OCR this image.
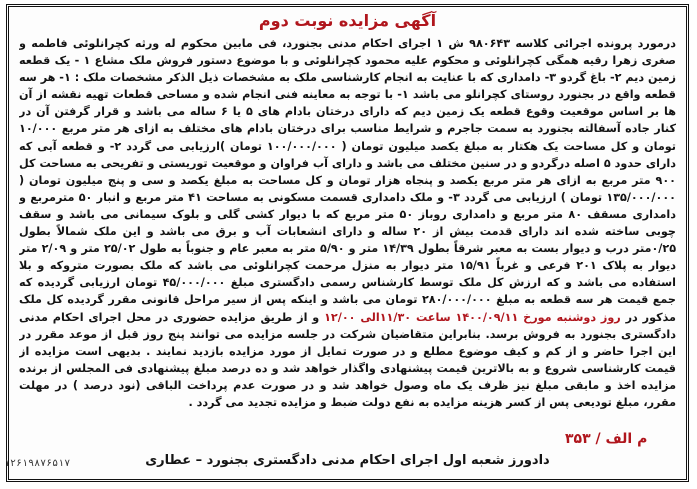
آگهی مزایده نوبت دوم

درمورد پرونده اجرائی کلاسه ۹۸۰۶۴۳ ش ۱ اجرای احکام مدنی بجنورد، فی مابین محکوم له ورثه کچرانلوئی فاطمه و صغری زهرا رقیه همگی کچرانلوئی و محکوم علیه محمود کچرانلوئی و با موضوع دستور فروش ملک مشاع ۱ - یک قطعه زمین دیم ۲- باغ گردو ۳- دامداری که با عنایت به انجام کارشناسی ملک به مشخصات ذیل الذکر مشخصات ملک : ۱- هر سه قطعه واقع در بجنورد روستای کچرانلو می باشد ۱- با توجه به معاینه فنی انجام شده و مساحی قطعات تهیه نقشه از آن ها بر اساس موقعیت وقوع قطعه یک زمین دیم که دارای درختان بادام های ۵ یا ۶ ساله می باشد و قرار گرفتن آن در کنار جاده آسفالته بجنورد به سمت جاجرم و شرایط مناسب برای درختان بادام های مختلف به ازای هر متر مربع ۱۰/۰۰۰ تومان و کل مساحت یک هکتار به مبلغ یکصد میلیون تومان ( ۱۰۰/۰۰۰/۰۰۰ تومان )ارزیابی می گردد ۲- و قطعه آبی که دارای حدود ۵ اصله درگردو و در سنین مختلف می باشد و دارای آب فراوان و موقعیت توریستی و تفریحی به مساحت کل ۹۰۰ متر مربع به ازای هر متر مربع یکصد و پنجاه هزار تومان و کل مساحت به مبلغ یکصد و سی و پنج میلیون تومان ( ۱۳۵/۰۰۰/۰۰۰ تومان ) ارزیابی می گردد ۳- و ملک دامداری قسمت مسکونی به مساحت ۴۱ متر مربع و انبار ۵۰ مترمربع و دامداری مسقف ۸۰ متر مربع و دامداری روباز ۵۰ متر مربع که با دیوار کشی گلی و بلوک سیمانی می باشد و سقف چوبی ساخته شده اند دارای قدمت بیش از ۲۰ ساله و دارای انشعابات آب و برق می باشد و این ملک شمالاً بطول ۰/۲۵متر درب و دیوار بست به معبر شرقاً بطول ۱۴/۳۹ متر و ۵/۹۰ متر به معبر عام و جنوباً به طول ۲۵/۰۲ متر و ۲/۰۹ متر دیوار به پلاک ۲۰۱ فرعی و غرباً ۱۵/۹۱ متر دیوار به منزل مرحمت کچرانلوئی می باشد که ملک بصورت متروکه و بلا استفاده می باشد و که ارزش کل ملک توسط کارشناس رسمی دادگستری مبلغ ۴۵/۰۰۰/۰۰۰ تومان ارزیابی گردیده که جمع قیمت هر سه قطعه به مبلغ ۲۸۰/۰۰۰/۰۰۰ تومان می باشد و اینکه پس از سیر مراحل قانونی مقرر گردیده کل ملک مذکور در روز دوشنبه مورخ ۱۴۰۰/۰۹/۱۱ ساعت ۱۱/۳۰الی ۱۲/۰۰ و از طریق مزایده حضوری در محل اجرای احکام مدنی دادگستری بجنورد به فروش برسد. بنابراین متقاضیان شرکت در جلسه مزایده می توانند پنج روز قبل از موعد مقرر در این اجرا حاضر و از کم و کیف موضوع مطلع و در صورت تمایل از مورد مزایده بازدید نمایند . بدیهی است مزایده از قیمت کارشناسی شروع و به بالاترین قیمت پیشنهادی واگذار خواهد شد و ده درصد مبلغ پیشنهادی فی المجلس از برنده مزایده اخذ و مابقی مبلغ نیز ظرف یک ماه وصول خواهد شد و در صورت عدم پرداخت الباقی (نود درصد ) در مهلت مقرر، مبلغ تودیعی پس از کسر هزینه مزایده به نفع دولت ضبط و مزایده تجدید می گردد .

م الف / ۳۵۳
دادورز شعبه اول اجرای احکام مدنی دادگستری بجنورد – عطاری
۱۲۶۱۹۸۷۶۵۱۷
